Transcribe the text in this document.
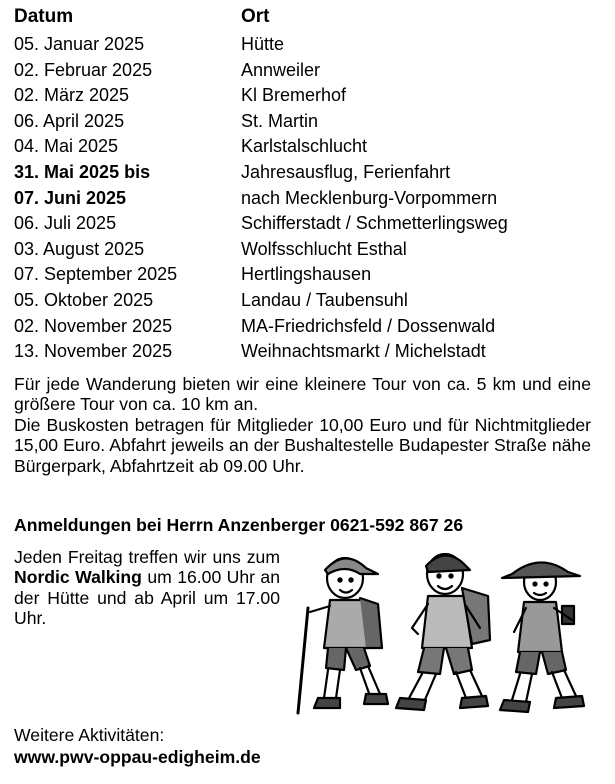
Datum	Ort
05. Januar 2025	Hütte
02. Februar 2025	Annweiler
02. März 2025	Kl Bremerhof
06. April 2025	St. Martin
04. Mai 2025	Karlstalschlucht
31. Mai 2025 bis	Jahresausflug, Ferienfahrt
07. Juni 2025	nach Mecklenburg-Vorpommern
06. Juli 2025	Schifferstadt / Schmetterlingsweg
03. August 2025	Wolfsschlucht Esthal
07. September 2025	Hertlingshausen
05. Oktober 2025	Landau / Taubensuhl
02. November 2025	MA-Friedrichsfeld / Dossenwald
13. November 2025	Weihnachtsmarkt / Michelstadt

Für jede Wanderung bieten wir eine kleinere Tour von ca. 5 km und eine größere Tour von ca. 10 km an.

Die Buskosten betragen für Mitglieder 10,00 Euro und für Nichtmitglieder 15,00 Euro. Abfahrt jeweils an der Bushaltestelle Budapester Straße nähe Bürgerpark, Abfahrtzeit ab 09.00 Uhr.

Anmeldungen bei Herrn Anzenberger 0621-592 867 26
Jeden Freitag treffen wir uns zum Nordic Walking um 16.00 Uhr an der Hütte und ab April um 17.00 Uhr.
Weitere Aktivitäten:
www.pwv-oppau-edigheim.de
